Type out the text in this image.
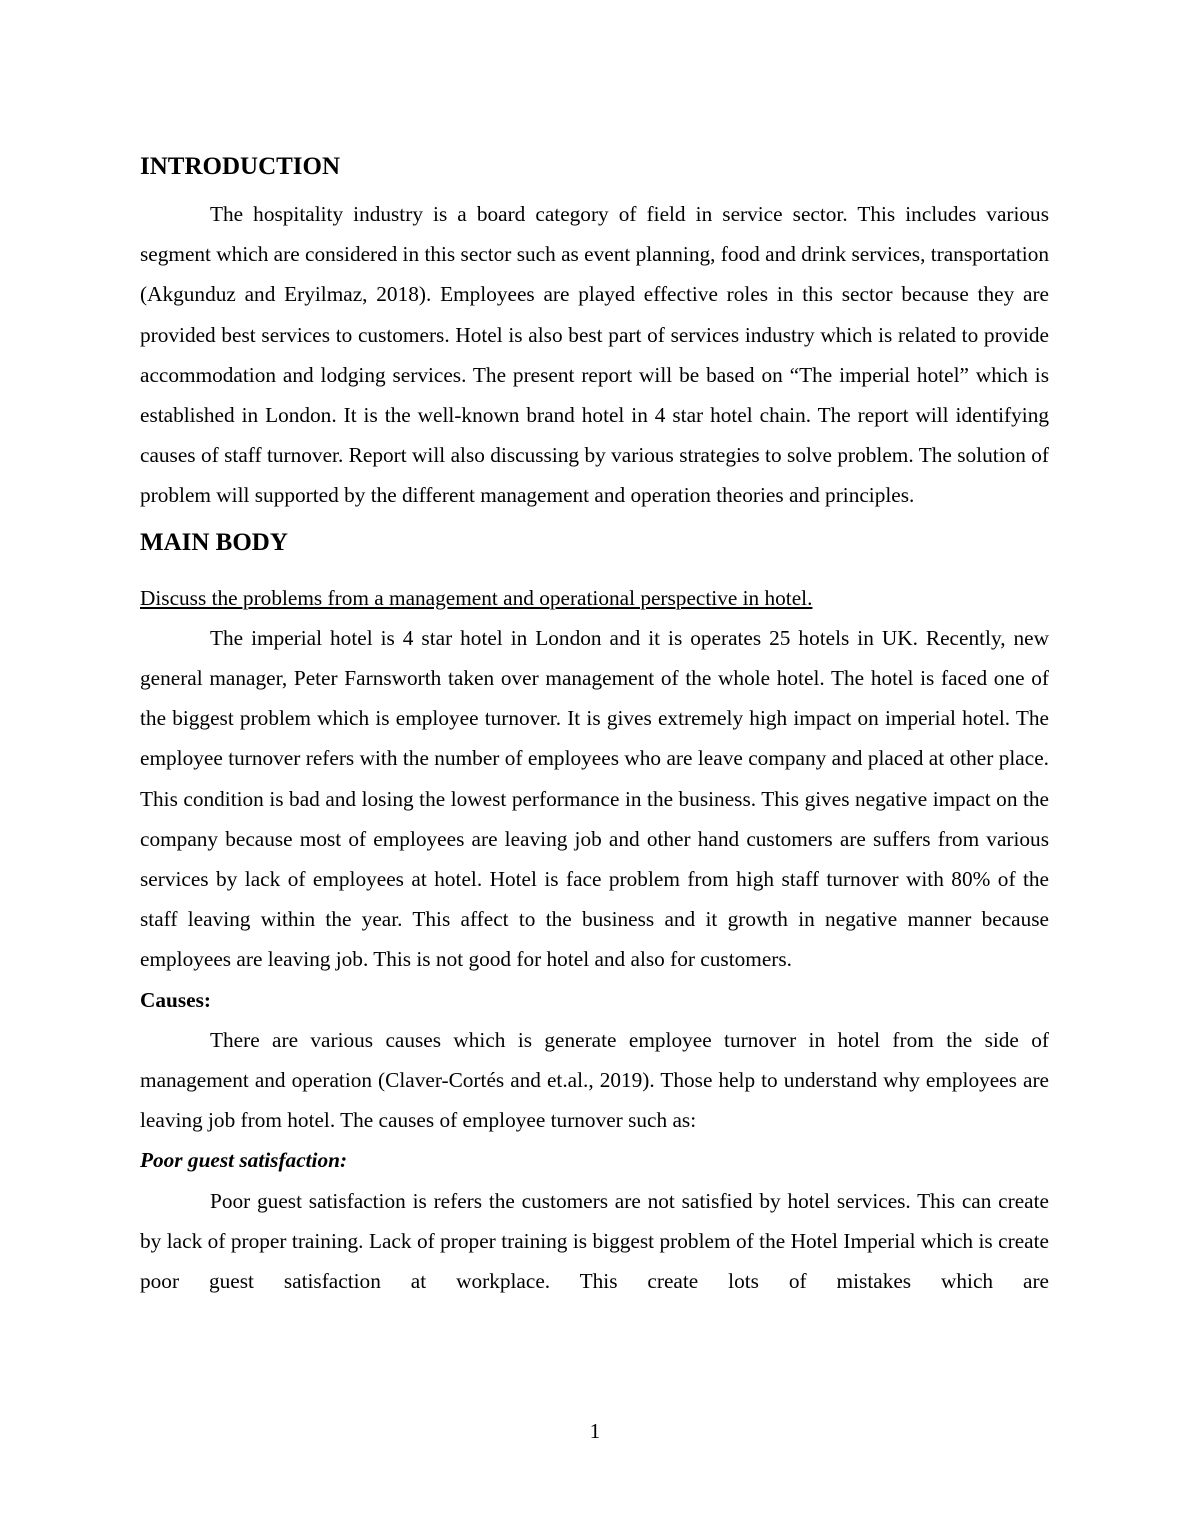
INTRODUCTION

The hospitality industry is a board category of field in service sector. This includes various segment which are considered in this sector such as event planning, food and drink services, transportation (Akgunduz and Eryilmaz, 2018). Employees are played effective roles in this sector because they are provided best services to customers. Hotel is also best part of services industry which is related to provide accommodation and lodging services. The present report will be based on “The imperial hotel” which is established in London. It is the well-known brand hotel in 4 star hotel chain. The report will identifying causes of staff turnover. Report will also discussing by various strategies to solve problem. The solution of problem will supported by the different management and operation theories and principles.

MAIN BODY

Discuss the problems from a management and operational perspective in hotel.

The imperial hotel is 4 star hotel in London and it is operates 25 hotels in UK. Recently, new general manager, Peter Farnsworth taken over management of the whole hotel. The hotel is faced one of the biggest problem which is employee turnover. It is gives extremely high impact on imperial hotel. The employee turnover refers with the number of employees who are leave company and placed at other place. This condition is bad and losing the lowest performance in the business. This gives negative impact on the company because most of employees are leaving job and other hand customers are suffers from various services by lack of employees at hotel. Hotel is face problem from high staff turnover with 80% of the staff leaving within the year. This affect to the business and it growth in negative manner because employees are leaving job. This is not good for hotel and also for customers.

Causes:

There are various causes which is generate employee turnover in hotel from the side of management and operation (Claver-Cortés and et.al., 2019). Those help to understand why employees are leaving job from hotel. The causes of employee turnover such as:

Poor guest satisfaction:

Poor guest satisfaction is refers the customers are not satisfied by hotel services. This can create by lack of proper training. Lack of proper training is biggest problem of the Hotel Imperial which is create poor guest satisfaction at workplace. This create lots of mistakes which are

1
